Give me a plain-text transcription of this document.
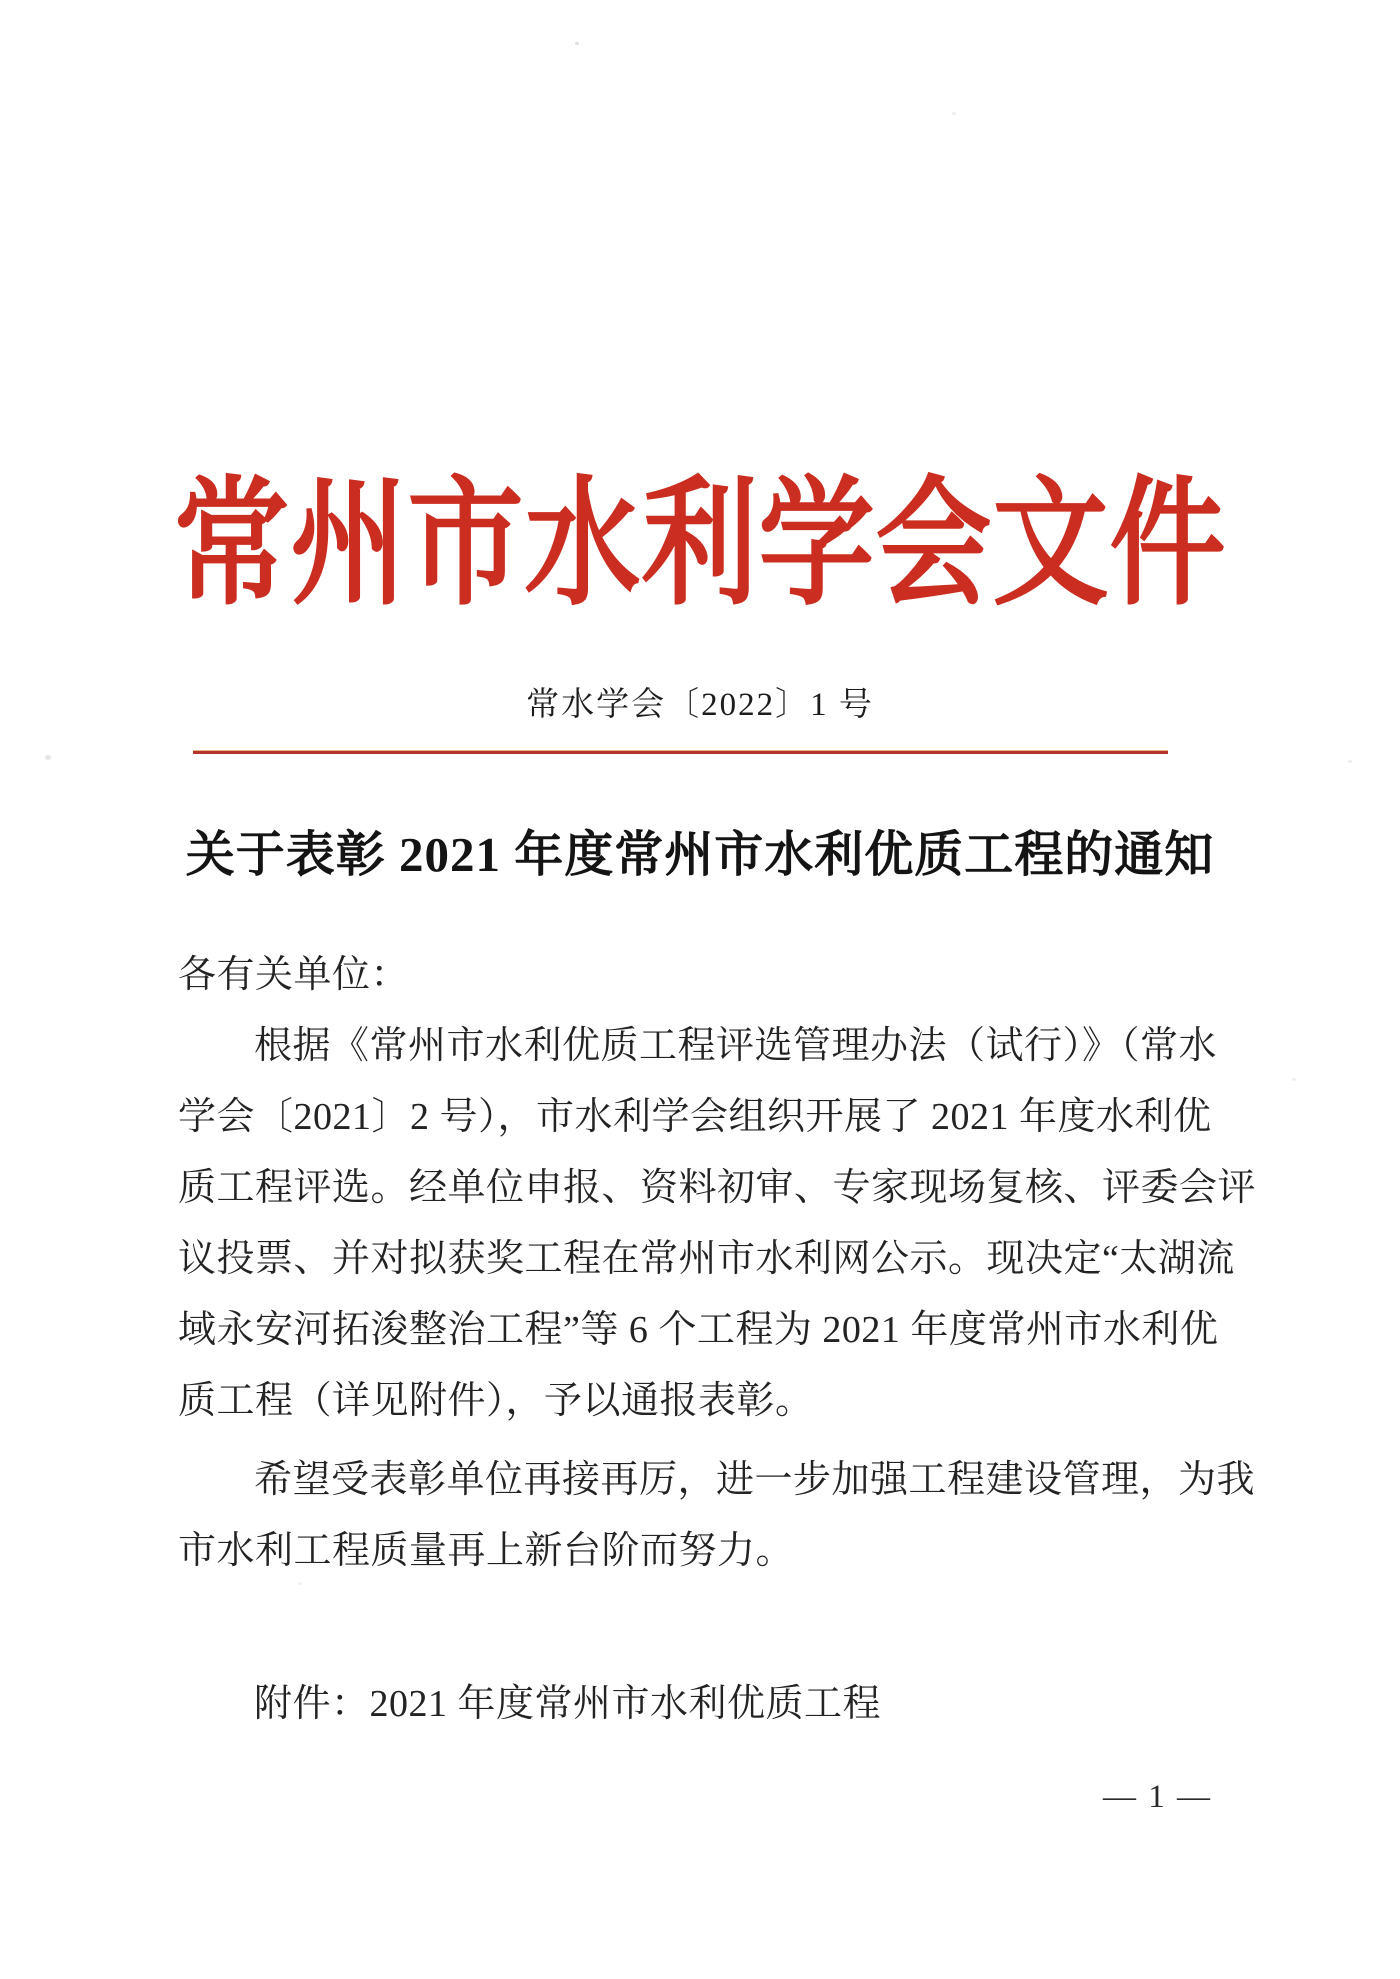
常州市水利学会文件
常水学会〔2022〕1 号
关于表彰 2021 年度常州市水利优质工程的通知
各有关单位：
根据《常州市水利优质工程评选管理办法（试行）》（常水
学会〔2021〕2 号），市水利学会组织开展了 2021 年度水利优
质工程评选。经单位申报、资料初审、专家现场复核、评委会评
议投票、并对拟获奖工程在常州市水利网公示。现决定“太湖流
域永安河拓浚整治工程”等 6 个工程为 2021 年度常州市水利优
质工程（详见附件），予以通报表彰。
希望受表彰单位再接再厉，进一步加强工程建设管理，为我
市水利工程质量再上新台阶而努力。
附件：2021 年度常州市水利优质工程
— 1 —
